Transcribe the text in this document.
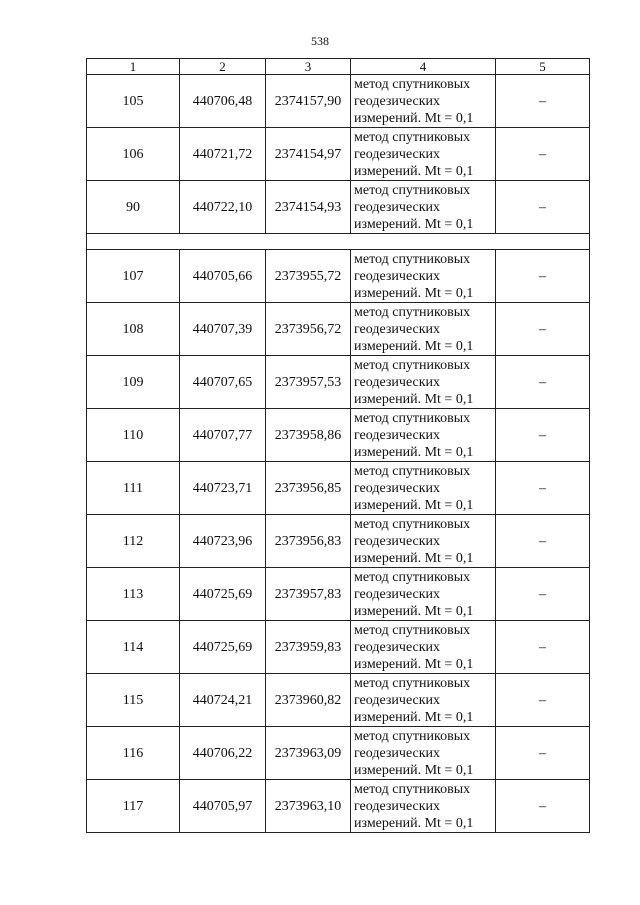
538
1	2	3	4	5
105	440706,48	2374157,90	метод спутниковых
геодезических
измерений. Mt = 0,1	–
106	440721,72	2374154,97	метод спутниковых
геодезических
измерений. Mt = 0,1	–
90	440722,10	2374154,93	метод спутниковых
геодезических
измерений. Mt = 0,1	–

107	440705,66	2373955,72	метод спутниковых
геодезических
измерений. Mt = 0,1	–
108	440707,39	2373956,72	метод спутниковых
геодезических
измерений. Mt = 0,1	–
109	440707,65	2373957,53	метод спутниковых
геодезических
измерений. Mt = 0,1	–
110	440707,77	2373958,86	метод спутниковых
геодезических
измерений. Mt = 0,1	–
111	440723,71	2373956,85	метод спутниковых
геодезических
измерений. Mt = 0,1	–
112	440723,96	2373956,83	метод спутниковых
геодезических
измерений. Mt = 0,1	–
113	440725,69	2373957,83	метод спутниковых
геодезических
измерений. Mt = 0,1	–
114	440725,69	2373959,83	метод спутниковых
геодезических
измерений. Mt = 0,1	–
115	440724,21	2373960,82	метод спутниковых
геодезических
измерений. Mt = 0,1	–
116	440706,22	2373963,09	метод спутниковых
геодезических
измерений. Mt = 0,1	–
117	440705,97	2373963,10	метод спутниковых
геодезических
измерений. Mt = 0,1	–
